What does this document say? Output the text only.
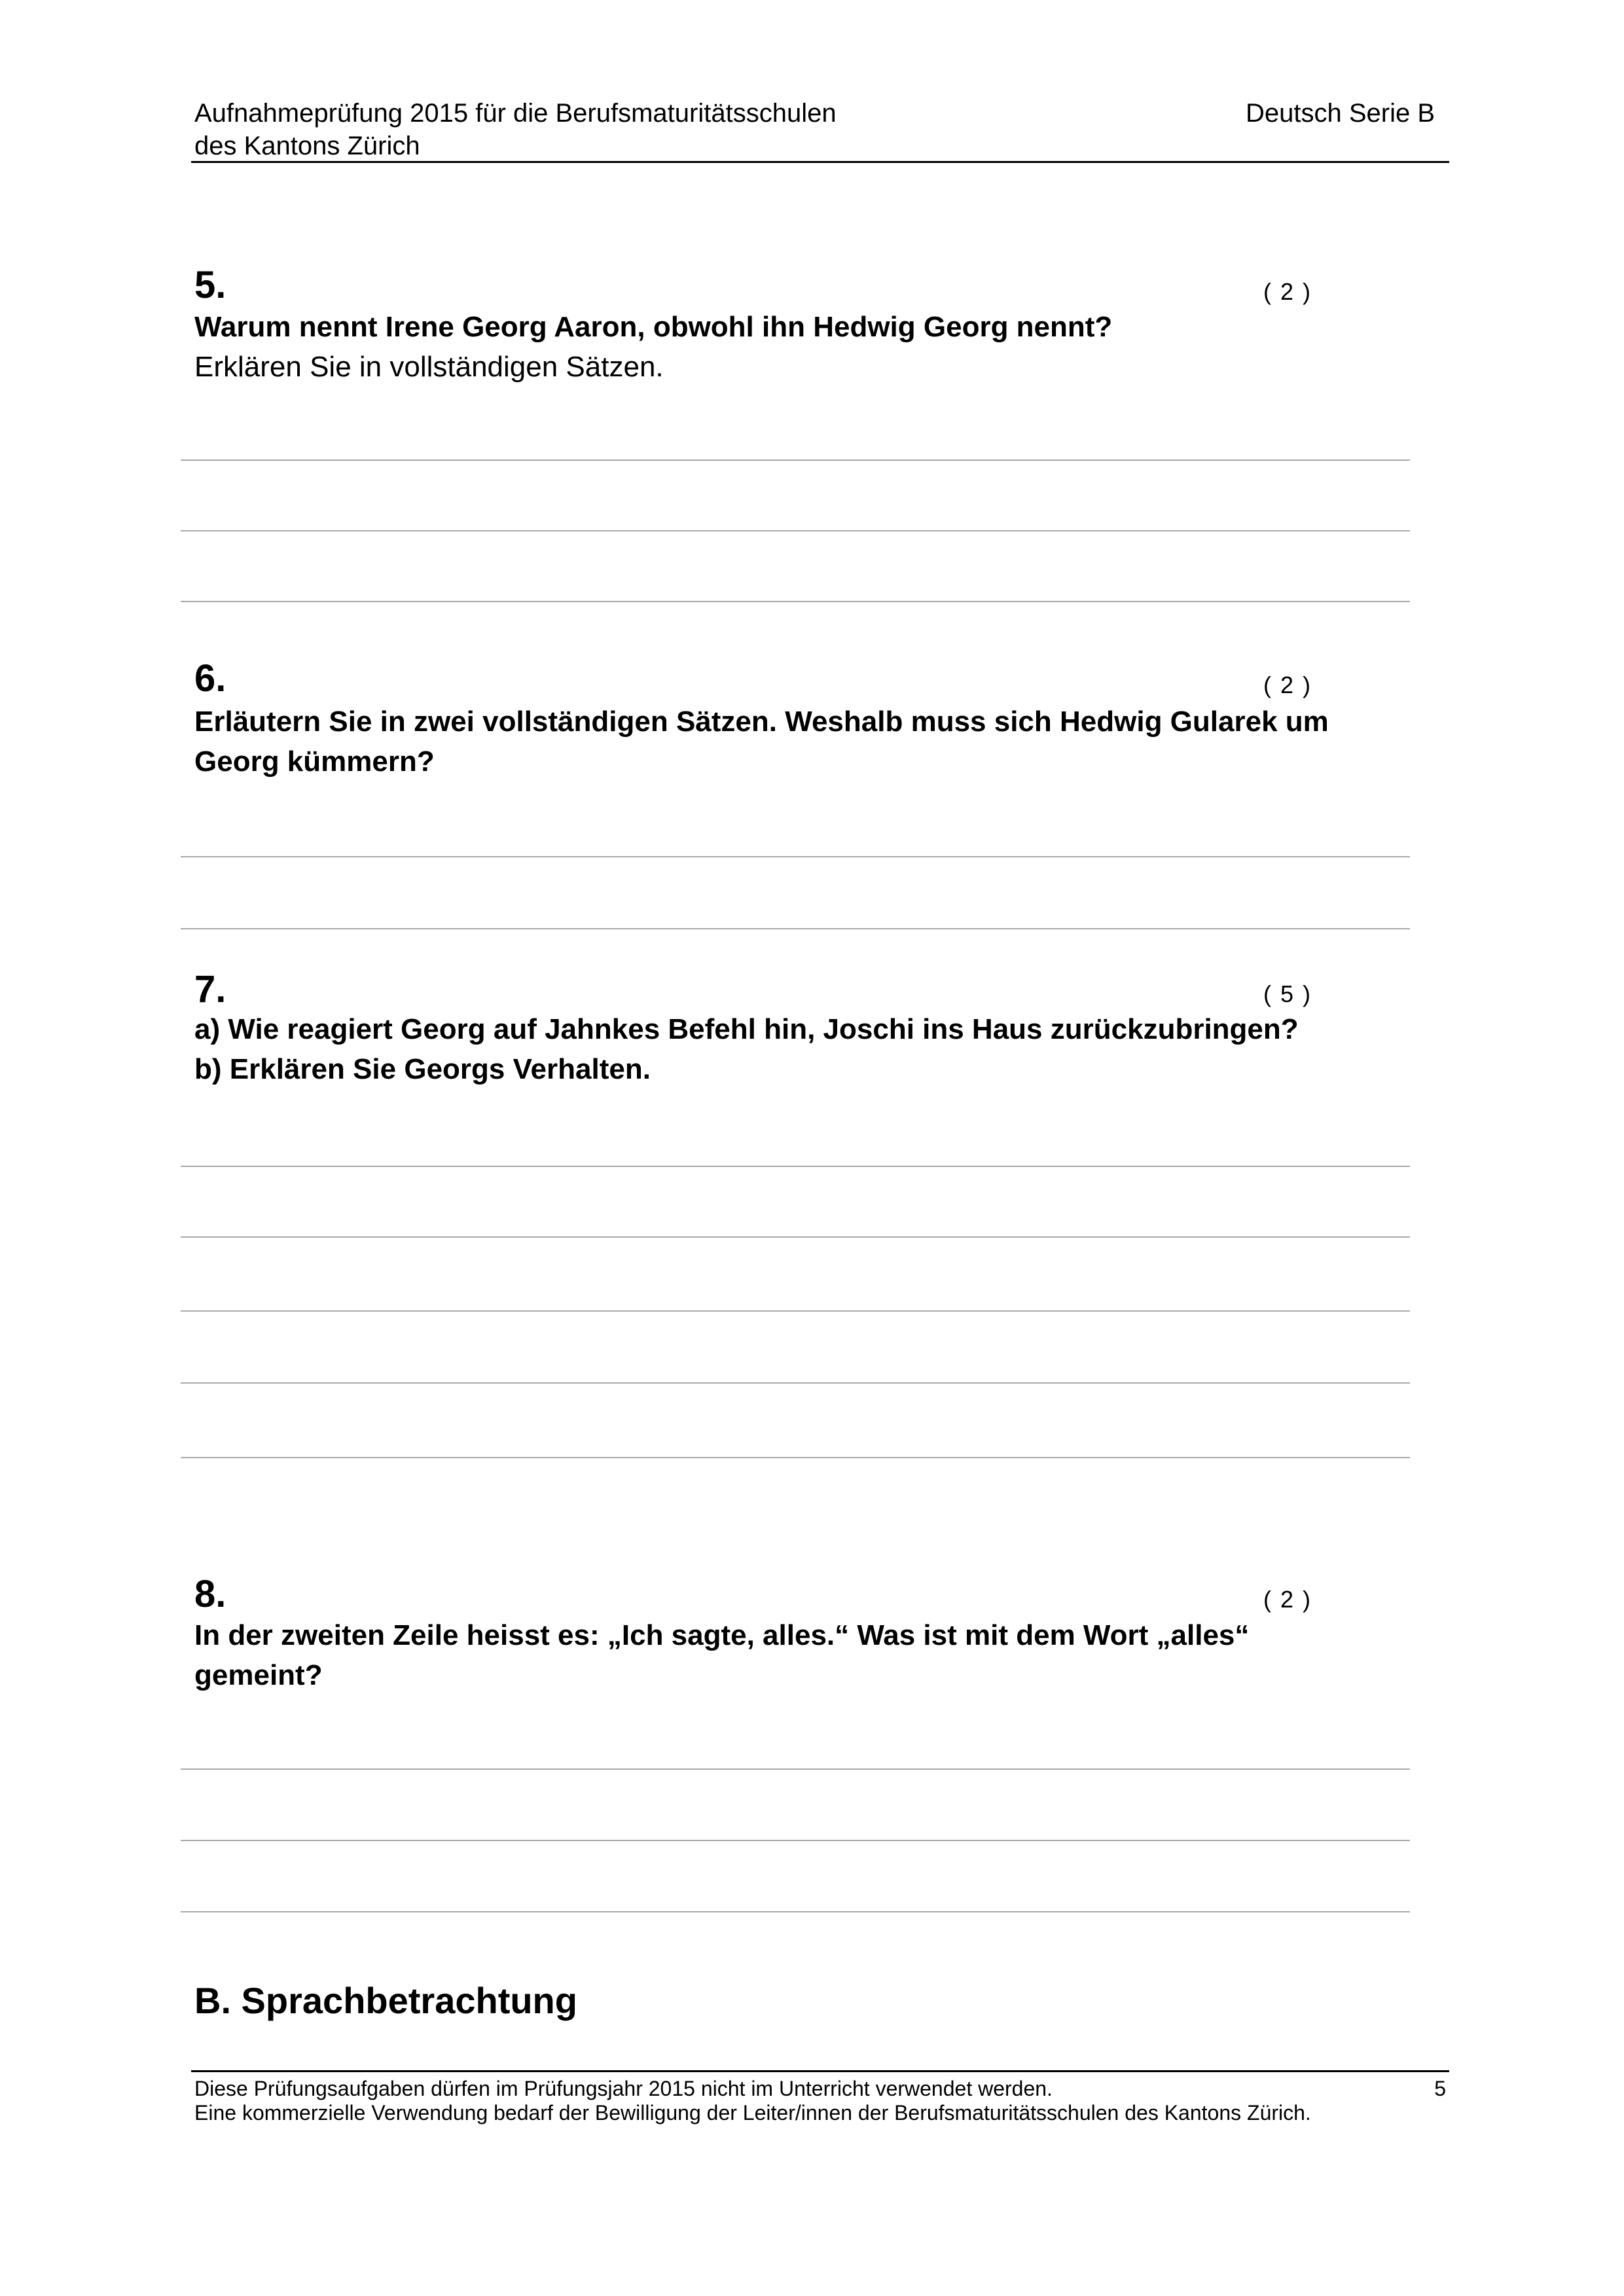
Aufnahmeprüfung 2015 für die Berufsmaturitätsschulen
des Kantons Zürich
Deutsch Serie B
5.	( 2 )
Warum nennt Irene Georg Aaron, obwohl ihn Hedwig Georg nennt?
Erklären Sie in vollständigen Sätzen.
6.	( 2 )
Erläutern Sie in zwei vollständigen Sätzen. Weshalb muss sich Hedwig Gularek um
Georg kümmern?
7.	( 5 )
a) Wie reagiert Georg auf Jahnkes Befehl hin, Joschi ins Haus zurückzubringen?
b) Erklären Sie Georgs Verhalten.
8.	( 2 )
In der zweiten Zeile heisst es: „Ich sagte, alles.“ Was ist mit dem Wort „alles“
gemeint?
B. Sprachbetrachtung
Diese Prüfungsaufgaben dürfen im Prüfungsjahr 2015 nicht im Unterricht verwendet werden.
Eine kommerzielle Verwendung bedarf der Bewilligung der Leiter/innen der Berufsmaturitätsschulen des Kantons Zürich.
5
